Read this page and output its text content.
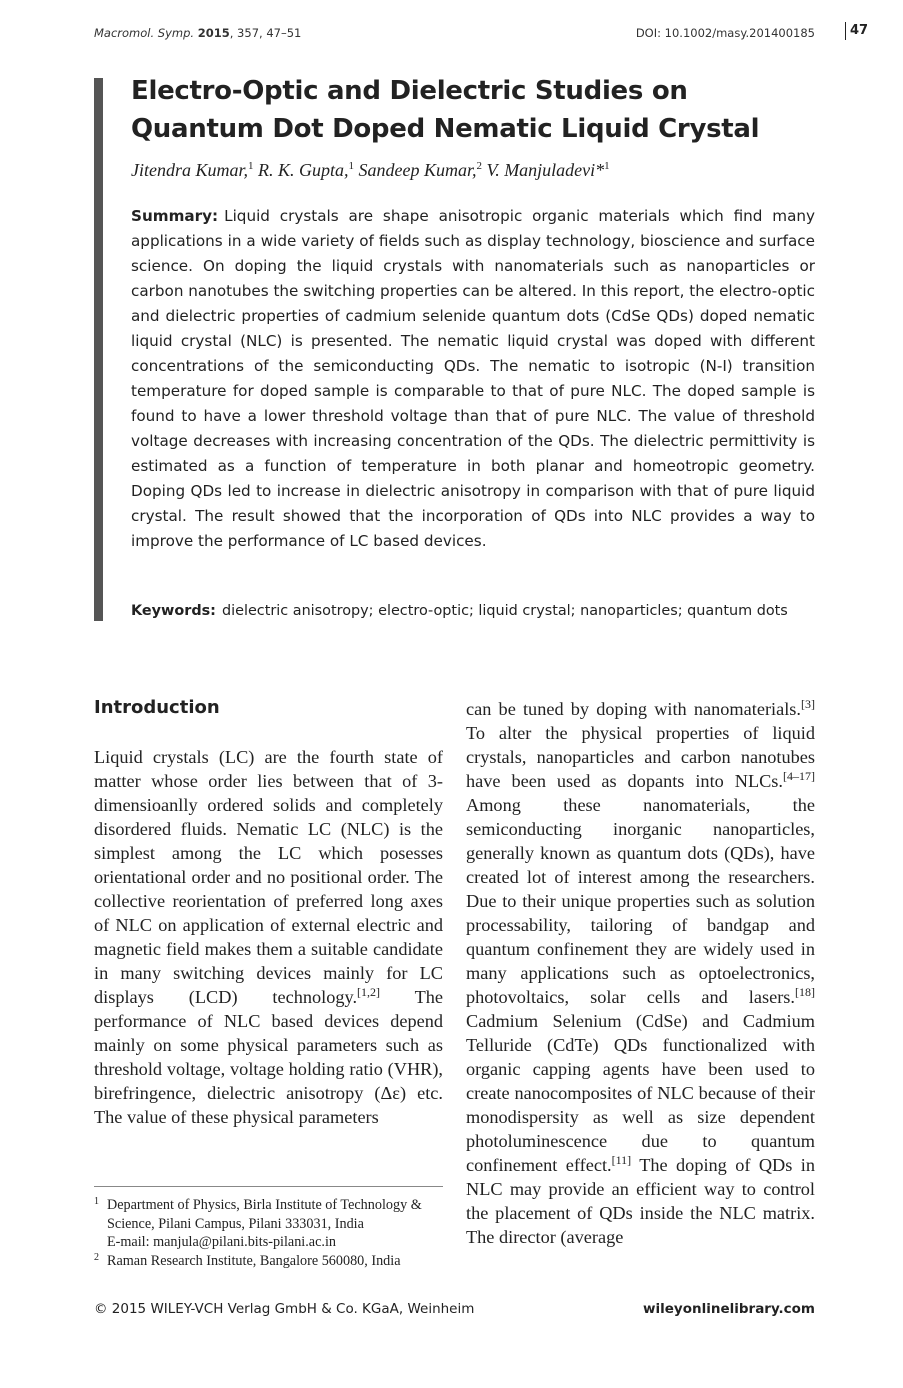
Macromol. Symp. 2015, 357, 47–51	DOI: 10.1002/masy.201400185	47
Electro-Optic and Dielectric Studies on Quantum Dot Doped Nematic Liquid Crystal
Jitendra Kumar,$^1$ R. K. Gupta,$^1$ Sandeep Kumar,$^2$ V. Manjuladevi*$^1$

Summary: Liquid crystals are shape anisotropic organic materials which find many applications in a wide variety of fields such as display technology, bioscience and surface science. On doping the liquid crystals with nanomaterials such as nanoparticles or carbon nanotubes the switching properties can be altered. In this report, the electro-optic and dielectric properties of cadmium selenide quantum dots (CdSe QDs) doped nematic liquid crystal (NLC) is presented. The nematic liquid crystal was doped with different concentrations of the semiconducting QDs. The nematic to isotropic (N-I) transition temperature for doped sample is comparable to that of pure NLC. The doped sample is found to have a lower threshold voltage than that of pure NLC. The value of threshold voltage decreases with increasing concentration of the QDs. The dielectric permittivity is estimated as a function of temperature in both planar and homeotropic geometry. Doping QDs led to increase in dielectric anisotropy in comparison with that of pure liquid crystal. The result showed that the incorporation of QDs into NLC provides a way to improve the performance of LC based devices.

Keywords: dielectric anisotropy; electro-optic; liquid crystal; nanoparticles; quantum dots
Introduction

Liquid crystals (LC) are the fourth state of matter whose order lies between that of 3-dimensioanlly ordered solids and completely disordered fluids. Nematic LC (NLC) is the simplest among the LC which posesses orientational order and no positional order. The collective reorientation of preferred long axes of NLC on application of external electric and magnetic field makes them a suitable candidate in many switching devices mainly for LC displays (LCD) technology.[1,2] The performance of NLC based devices depend mainly on some physical parameters such as threshold voltage, voltage holding ratio (VHR), birefringence, dielectric anisotropy (Δε) etc. The value of these physical parameters

can be tuned by doping with nanomaterials.[3] To alter the physical properties of liquid crystals, nanoparticles and carbon nanotubes have been used as dopants into NLCs.[4–17] Among these nanomaterials, the semiconducting inorganic nanoparticles, generally known as quantum dots (QDs), have created lot of interest among the researchers. Due to their unique properties such as solution processability, tailoring of bandgap and quantum confinement they are widely used in many applications such as optoelectronics, photovoltaics, solar cells and lasers.[18] Cadmium Selenium (CdSe) and Cadmium Telluride (CdTe) QDs functionalized with organic capping agents have been used to create nanocomposites of NLC because of their monodispersity as well as size dependent photoluminescence due to quantum confinement effect.[11] The doping of QDs in NLC may provide an efficient way to control the placement of QDs inside the NLC matrix. The director (average

1 Department of Physics, Birla Institute of Technology & Science, Pilani Campus, Pilani 333031, India
E-mail: manjula@pilani.bits-pilani.ac.in
2 Raman Research Institute, Bangalore 560080, India
© 2015 WILEY-VCH Verlag GmbH & Co. KGaA, Weinheim	wileyonlinelibrary.com
